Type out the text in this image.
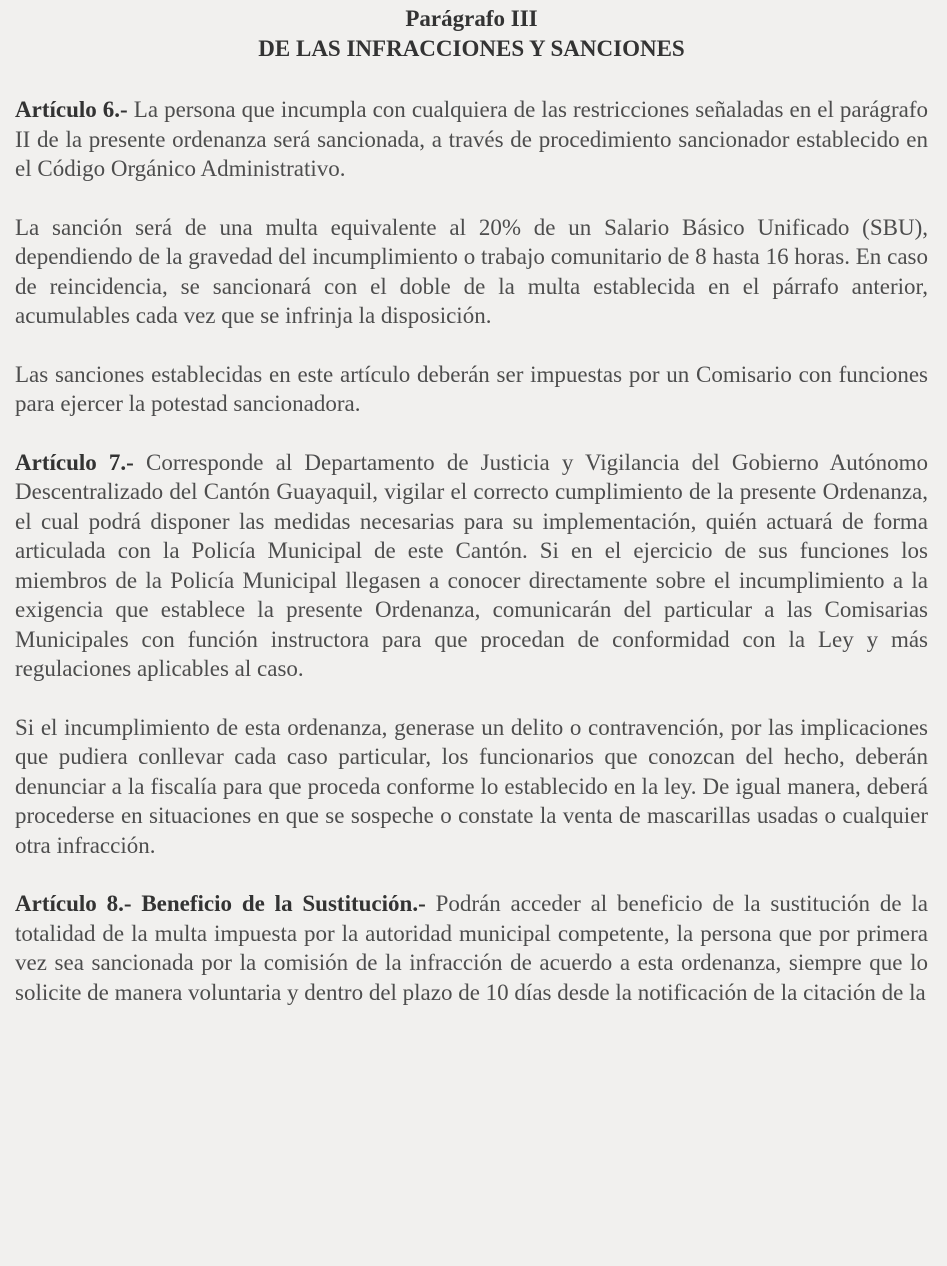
Parágrafo III
DE LAS INFRACCIONES Y SANCIONES

Artículo 6.- La persona que incumpla con cualquiera de las restricciones señaladas en el parágrafo II de la presente ordenanza será sancionada, a través de procedimiento sancionador establecido en el Código Orgánico Administrativo.

La sanción será de una multa equivalente al 20% de un Salario Básico Unificado (SBU), dependiendo de la gravedad del incumplimiento o trabajo comunitario de 8 hasta 16 horas. En caso de reincidencia, se sancionará con el doble de la multa establecida en el párrafo anterior, acumulables cada vez que se infrinja la disposición.

Las sanciones establecidas en este artículo deberán ser impuestas por un Comisario con funciones para ejercer la potestad sancionadora.

Artículo 7.- Corresponde al Departamento de Justicia y Vigilancia del Gobierno Autónomo Descentralizado del Cantón Guayaquil, vigilar el correcto cumplimiento de la presente Ordenanza, el cual podrá disponer las medidas necesarias para su implementación, quién actuará de forma articulada con la Policía Municipal de este Cantón. Si en el ejercicio de sus funciones los miembros de la Policía Municipal llegasen a conocer directamente sobre el incumplimiento a la exigencia que establece la presente Ordenanza, comunicarán del particular a las Comisarias Municipales con función instructora para que procedan de conformidad con la Ley y más regulaciones aplicables al caso.

Si el incumplimiento de esta ordenanza, generase un delito o contravención, por las implicaciones que pudiera conllevar cada caso particular, los funcionarios que conozcan del hecho, deberán denunciar a la fiscalía para que proceda conforme lo establecido en la ley. De igual manera, deberá procederse en situaciones en que se sospeche o constate la venta de mascarillas usadas o cualquier otra infracción.

Artículo 8.- Beneficio de la Sustitución.- Podrán acceder al beneficio de la sustitución de la totalidad de la multa impuesta por la autoridad municipal competente, la persona que por primera vez sea sancionada por la comisión de la infracción de acuerdo a esta ordenanza, siempre que lo solicite de manera voluntaria y dentro del plazo de 10 días desde la notificación de la citación de la
